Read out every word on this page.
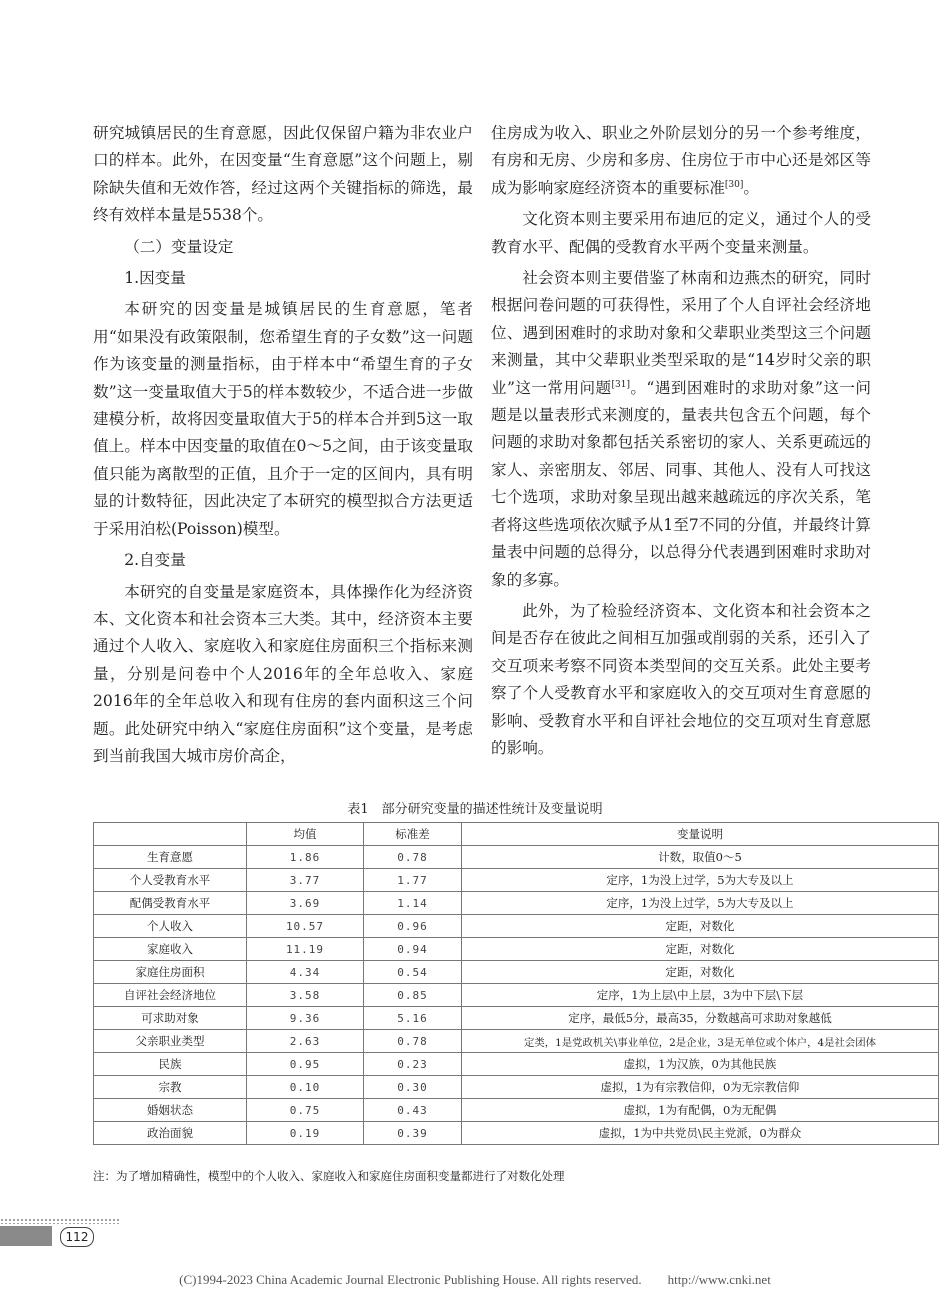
研究城镇居民的生育意愿，因此仅保留户籍为非农业户口的样本。此外，在因变量“生育意愿”这个问题上，剔除缺失值和无效作答，经过这两个关键指标的筛选，最终有效样本量是5538个。

（二）变量设定

1.因变量

本研究的因变量是城镇居民的生育意愿，笔者用“如果没有政策限制，您希望生育的子女数”这一问题作为该变量的测量指标，由于样本中“希望生育的子女数”这一变量取值大于5的样本数较少，不适合进一步做建模分析，故将因变量取值大于5的样本合并到5这一取值上。样本中因变量的取值在0～5之间，由于该变量取值只能为离散型的正值，且介于一定的区间内，具有明显的计数特征，因此决定了本研究的模型拟合方法更适于采用泊松(Poisson)模型。

2.自变量

本研究的自变量是家庭资本，具体操作化为经济资本、文化资本和社会资本三大类。其中，经济资本主要通过个人收入、家庭收入和家庭住房面积三个指标来测量，分别是问卷中个人2016年的全年总收入、家庭2016年的全年总收入和现有住房的套内面积这三个问题。此处研究中纳入“家庭住房面积”这个变量，是考虑到当前我国大城市房价高企，

住房成为收入、职业之外阶层划分的另一个参考维度，有房和无房、少房和多房、住房位于市中心还是郊区等成为影响家庭经济资本的重要标准[30]。

文化资本则主要采用布迪厄的定义，通过个人的受教育水平、配偶的受教育水平两个变量来测量。

社会资本则主要借鉴了林南和边燕杰的研究，同时根据问卷问题的可获得性，采用了个人自评社会经济地位、遇到困难时的求助对象和父辈职业类型这三个问题来测量，其中父辈职业类型采取的是“14岁时父亲的职业”这一常用问题[31]。“遇到困难时的求助对象”这一问题是以量表形式来测度的，量表共包含五个问题，每个问题的求助对象都包括关系密切的家人、关系更疏远的家人、亲密朋友、邻居、同事、其他人、没有人可找这七个选项，求助对象呈现出越来越疏远的序次关系，笔者将这些选项依次赋予从1至7不同的分值，并最终计算量表中问题的总得分，以总得分代表遇到困难时求助对象的多寡。

此外，为了检验经济资本、文化资本和社会资本之间是否存在彼此之间相互加强或削弱的关系，还引入了交互项来考察不同资本类型间的交互关系。此处主要考察了个人受教育水平和家庭收入的交互项对生育意愿的影响、受教育水平和自评社会地位的交互项对生育意愿的影响。

表1　部分研究变量的描述性统计及变量说明
	均值	标准差	变量说明
生育意愿	1.86	0.78	计数，取值0～5
个人受教育水平	3.77	1.77	定序，1为没上过学，5为大专及以上
配偶受教育水平	3.69	1.14	定序，1为没上过学，5为大专及以上
个人收入	10.57	0.96	定距，对数化
家庭收入	11.19	0.94	定距，对数化
家庭住房面积	4.34	0.54	定距，对数化
自评社会经济地位	3.58	0.85	定序，1为上层\中上层，3为中下层\下层
可求助对象	9.36	5.16	定序，最低5分，最高35，分数越高可求助对象越低
父亲职业类型	2.63	0.78	定类，1是党政机关\事业单位，2是企业，3是无单位或个体户，4是社会团体
民族	0.95	0.23	虚拟，1为汉族，0为其他民族
宗教	0.10	0.30	虚拟，1为有宗教信仰，0为无宗教信仰
婚姻状态	0.75	0.43	虚拟，1为有配偶，0为无配偶
政治面貌	0.19	0.39	虚拟，1为中共党员\民主党派，0为群众
注：为了增加精确性，模型中的个人收入、家庭收入和家庭住房面积变量都进行了对数化处理
112
(C)1994-2023 China Academic Journal Electronic Publishing House. All rights reserved.　　http://www.cnki.net
